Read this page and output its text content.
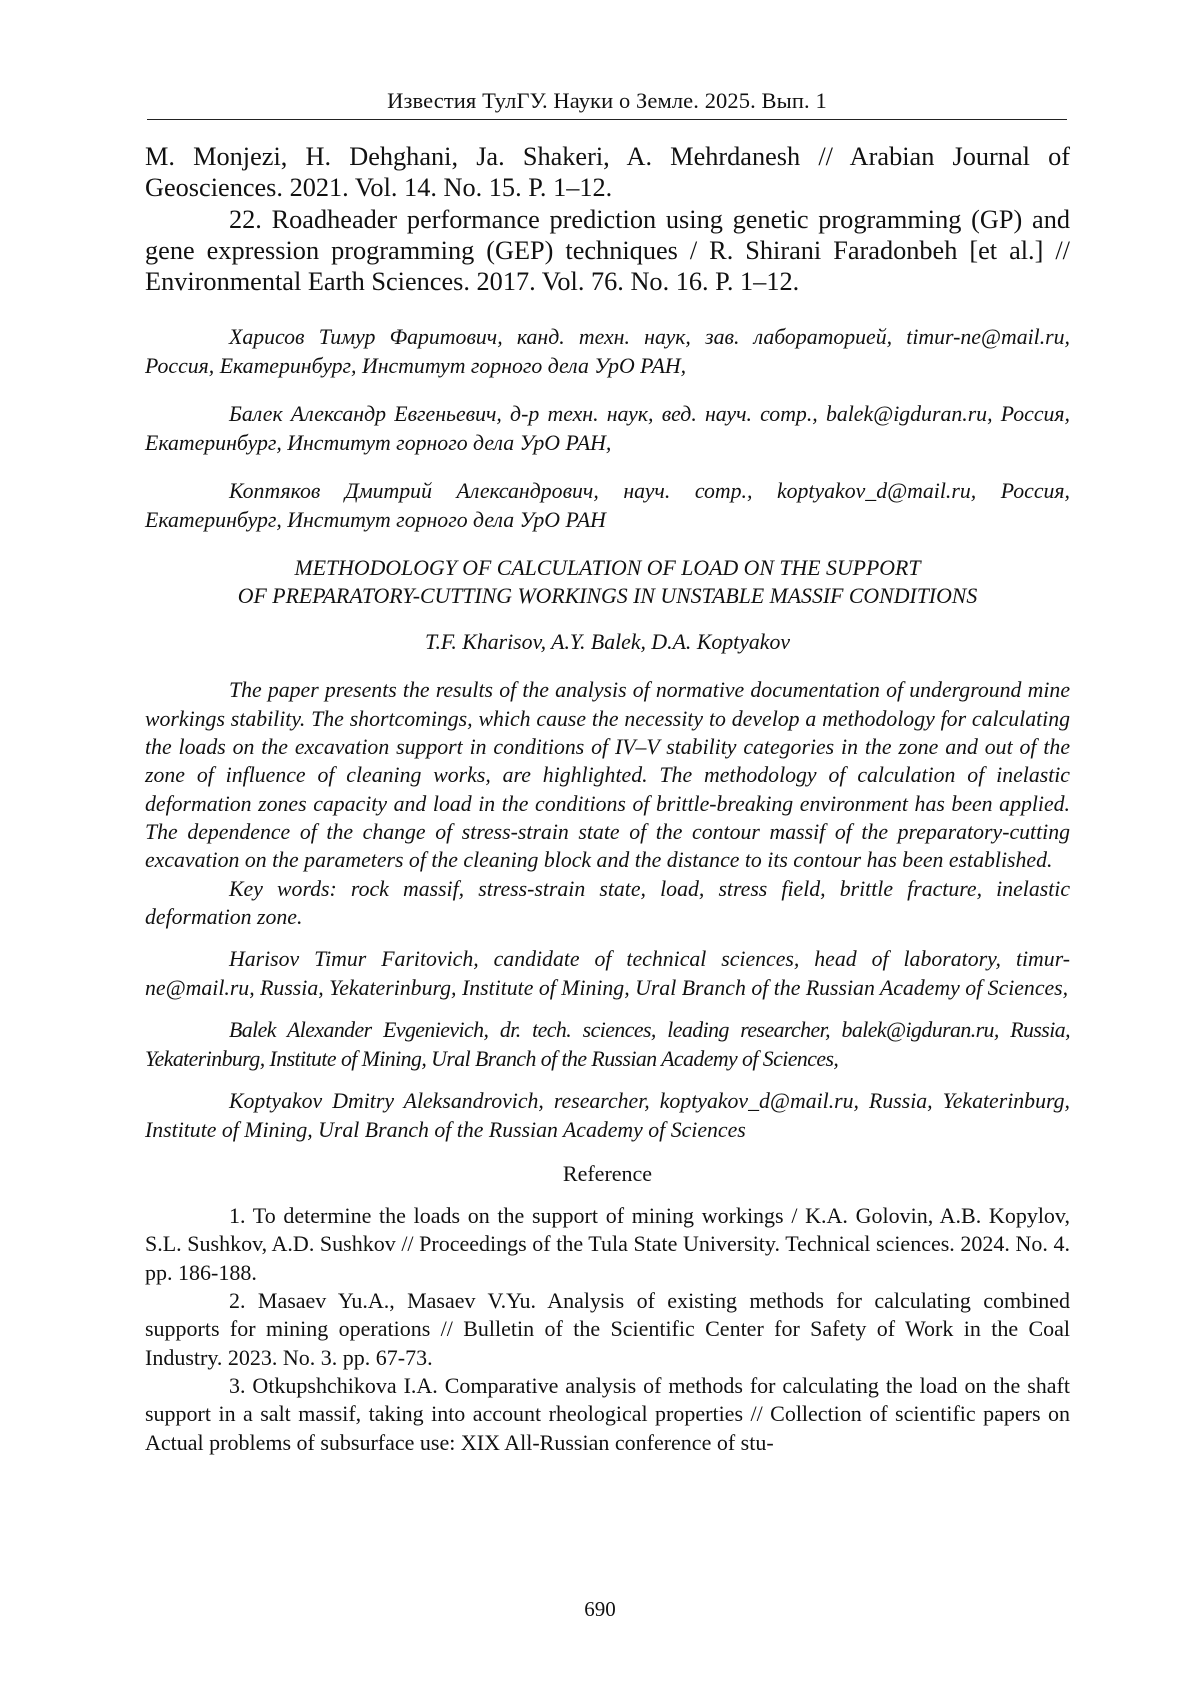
Известия ТулГУ. Науки о Земле. 2025. Вып. 1

M. Monjezi, H. Dehghani, Ja. Shakeri, A. Mehrdanesh // Arabian Journal of Geosciences. 2021. Vol. 14. No. 15. P. 1–12.

22. Roadheader performance prediction using genetic programming (GP) and gene expression programming (GEP) techniques / R. Shirani Faradonbeh [et al.] // Environmental Earth Sciences. 2017. Vol. 76. No. 16. P. 1–12.

Харисов Тимур Фаритович, канд. техн. наук, зав. лабораторией, timur-ne@mail.ru, Россия, Екатеринбург, Институт горного дела УрО РАН,

Балек Александр Евгеньевич, д-р техн. наук, вед. науч. сотр., balek@igduran.ru, Россия, Екатеринбург, Институт горного дела УрО РАН,

Коптяков Дмитрий Александрович, науч. сотр., koptyakov_d@mail.ru, Россия, Екатеринбург, Институт горного дела УрО РАН

METHODOLOGY OF CALCULATION OF LOAD ON THE SUPPORT

OF PREPARATORY-CUTTING WORKINGS IN UNSTABLE MASSIF CONDITIONS

T.F. Kharisov, A.Y. Balek, D.A. Koptyakov

The paper presents the results of the analysis of normative documentation of underground mine workings stability. The shortcomings, which cause the necessity to develop a methodology for calculating the loads on the excavation support in conditions of IV–V stability categories in the zone and out of the zone of influence of cleaning works, are highlighted. The methodology of calculation of inelastic deformation zones capacity and load in the conditions of brittle-breaking environment has been applied. The dependence of the change of stress-strain state of the contour massif of the preparatory-cutting excavation on the parameters of the cleaning block and the distance to its contour has been established.

Key words: rock massif, stress-strain state, load, stress field, brittle fracture, inelastic deformation zone.

Harisov Timur Faritovich, candidate of technical sciences, head of laboratory, timur-ne@mail.ru, Russia, Yekaterinburg, Institute of Mining, Ural Branch of the Russian Academy of Sciences,

Balek Alexander Evgenievich, dr. tech. sciences, leading researcher, balek@igduran.ru, Russia, Yekaterinburg, Institute of Mining, Ural Branch of the Russian Academy of Sciences,

Koptyakov Dmitry Aleksandrovich, researcher, koptyakov_d@mail.ru, Russia, Yekaterinburg, Institute of Mining, Ural Branch of the Russian Academy of Sciences

Reference

1. To determine the loads on the support of mining workings / K.A. Golovin, A.B. Kopylov, S.L. Sushkov, A.D. Sushkov // Proceedings of the Tula State University. Technical sciences. 2024. No. 4. pp. 186-188.

2. Masaev Yu.A., Masaev V.Yu. Analysis of existing methods for calculating combined supports for mining operations // Bulletin of the Scientific Center for Safety of Work in the Coal Industry. 2023. No. 3. pp. 67-73.

3. Otkupshchikova I.A. Comparative analysis of methods for calculating the load on the shaft support in a salt massif, taking into account rheological properties // Collection of scientific papers on Actual problems of subsurface use: XIX All-Russian conference of stu-

690
